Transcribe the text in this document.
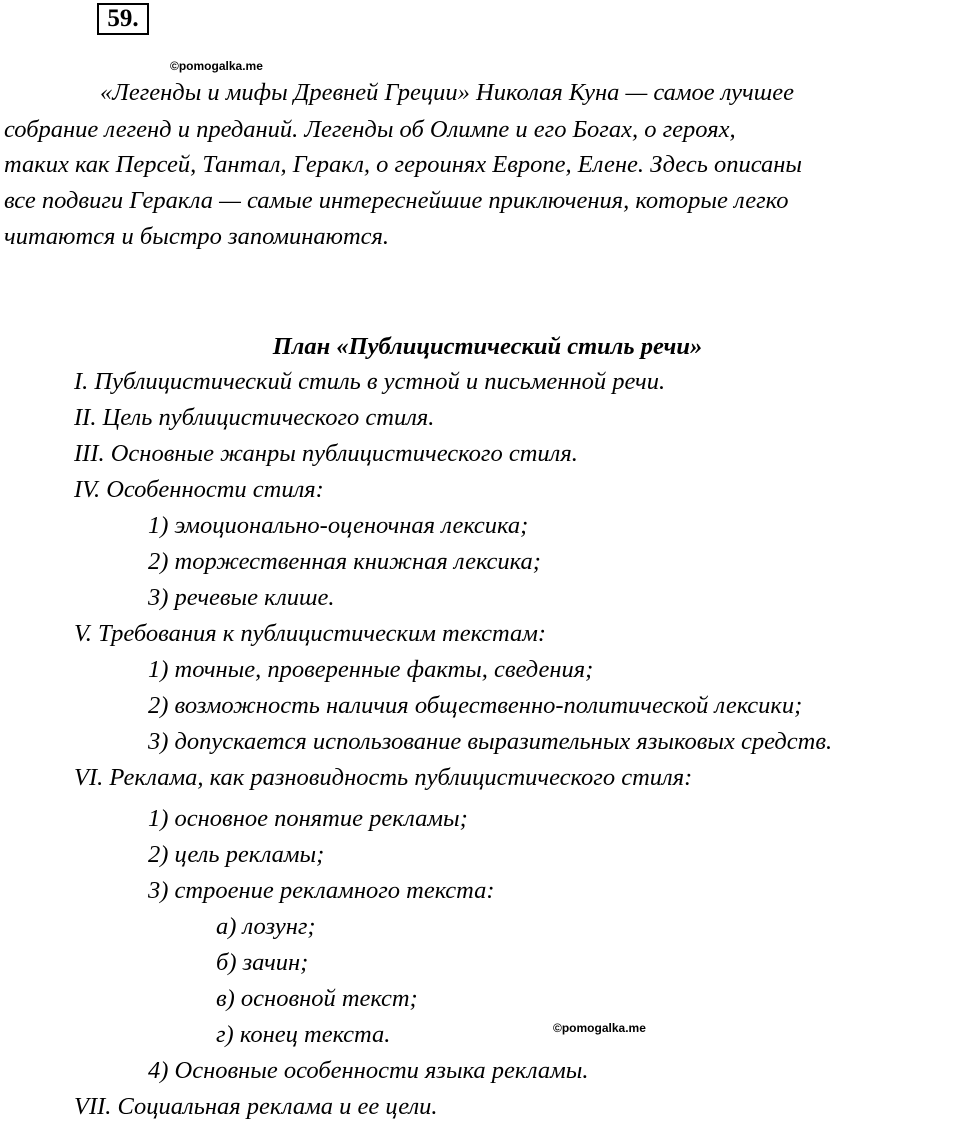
59.
©pomogalka.me
«Легенды и мифы Древней Греции» Николая Куна — самое лучшее
собрание легенд и преданий. Легенды об Олимпе и его Богах, о героях,
таких как Персей, Тантал, Геракл, о героинях Европе, Елене. Здесь описаны
все подвиги Геракла — самые интереснейшие приключения, которые легко
читаются и быстро запоминаются.
План «Публицистический стиль речи»
I. Публицистический стиль в устной и письменной речи.
II. Цель публицистического стиля.
III. Основные жанры публицистического стиля.
IV. Особенности стиля:
1) эмоционально-оценочная лексика;
2) торжественная книжная лексика;
3) речевые клише.
V. Требования к публицистическим текстам:
1) точные, проверенные факты, сведения;
2) возможность наличия общественно-политической лексики;
3) допускается использование выразительных языковых средств.
VI. Реклама, как разновидность публицистического стиля:
1) основное понятие рекламы;
2) цель рекламы;
3) строение рекламного текста:
а) лозунг;
б) зачин;
в) основной текст;
г) конец текста.	©pomogalka.me
4) Основные особенности языка рекламы.
VII. Социальная реклама и ее цели.
